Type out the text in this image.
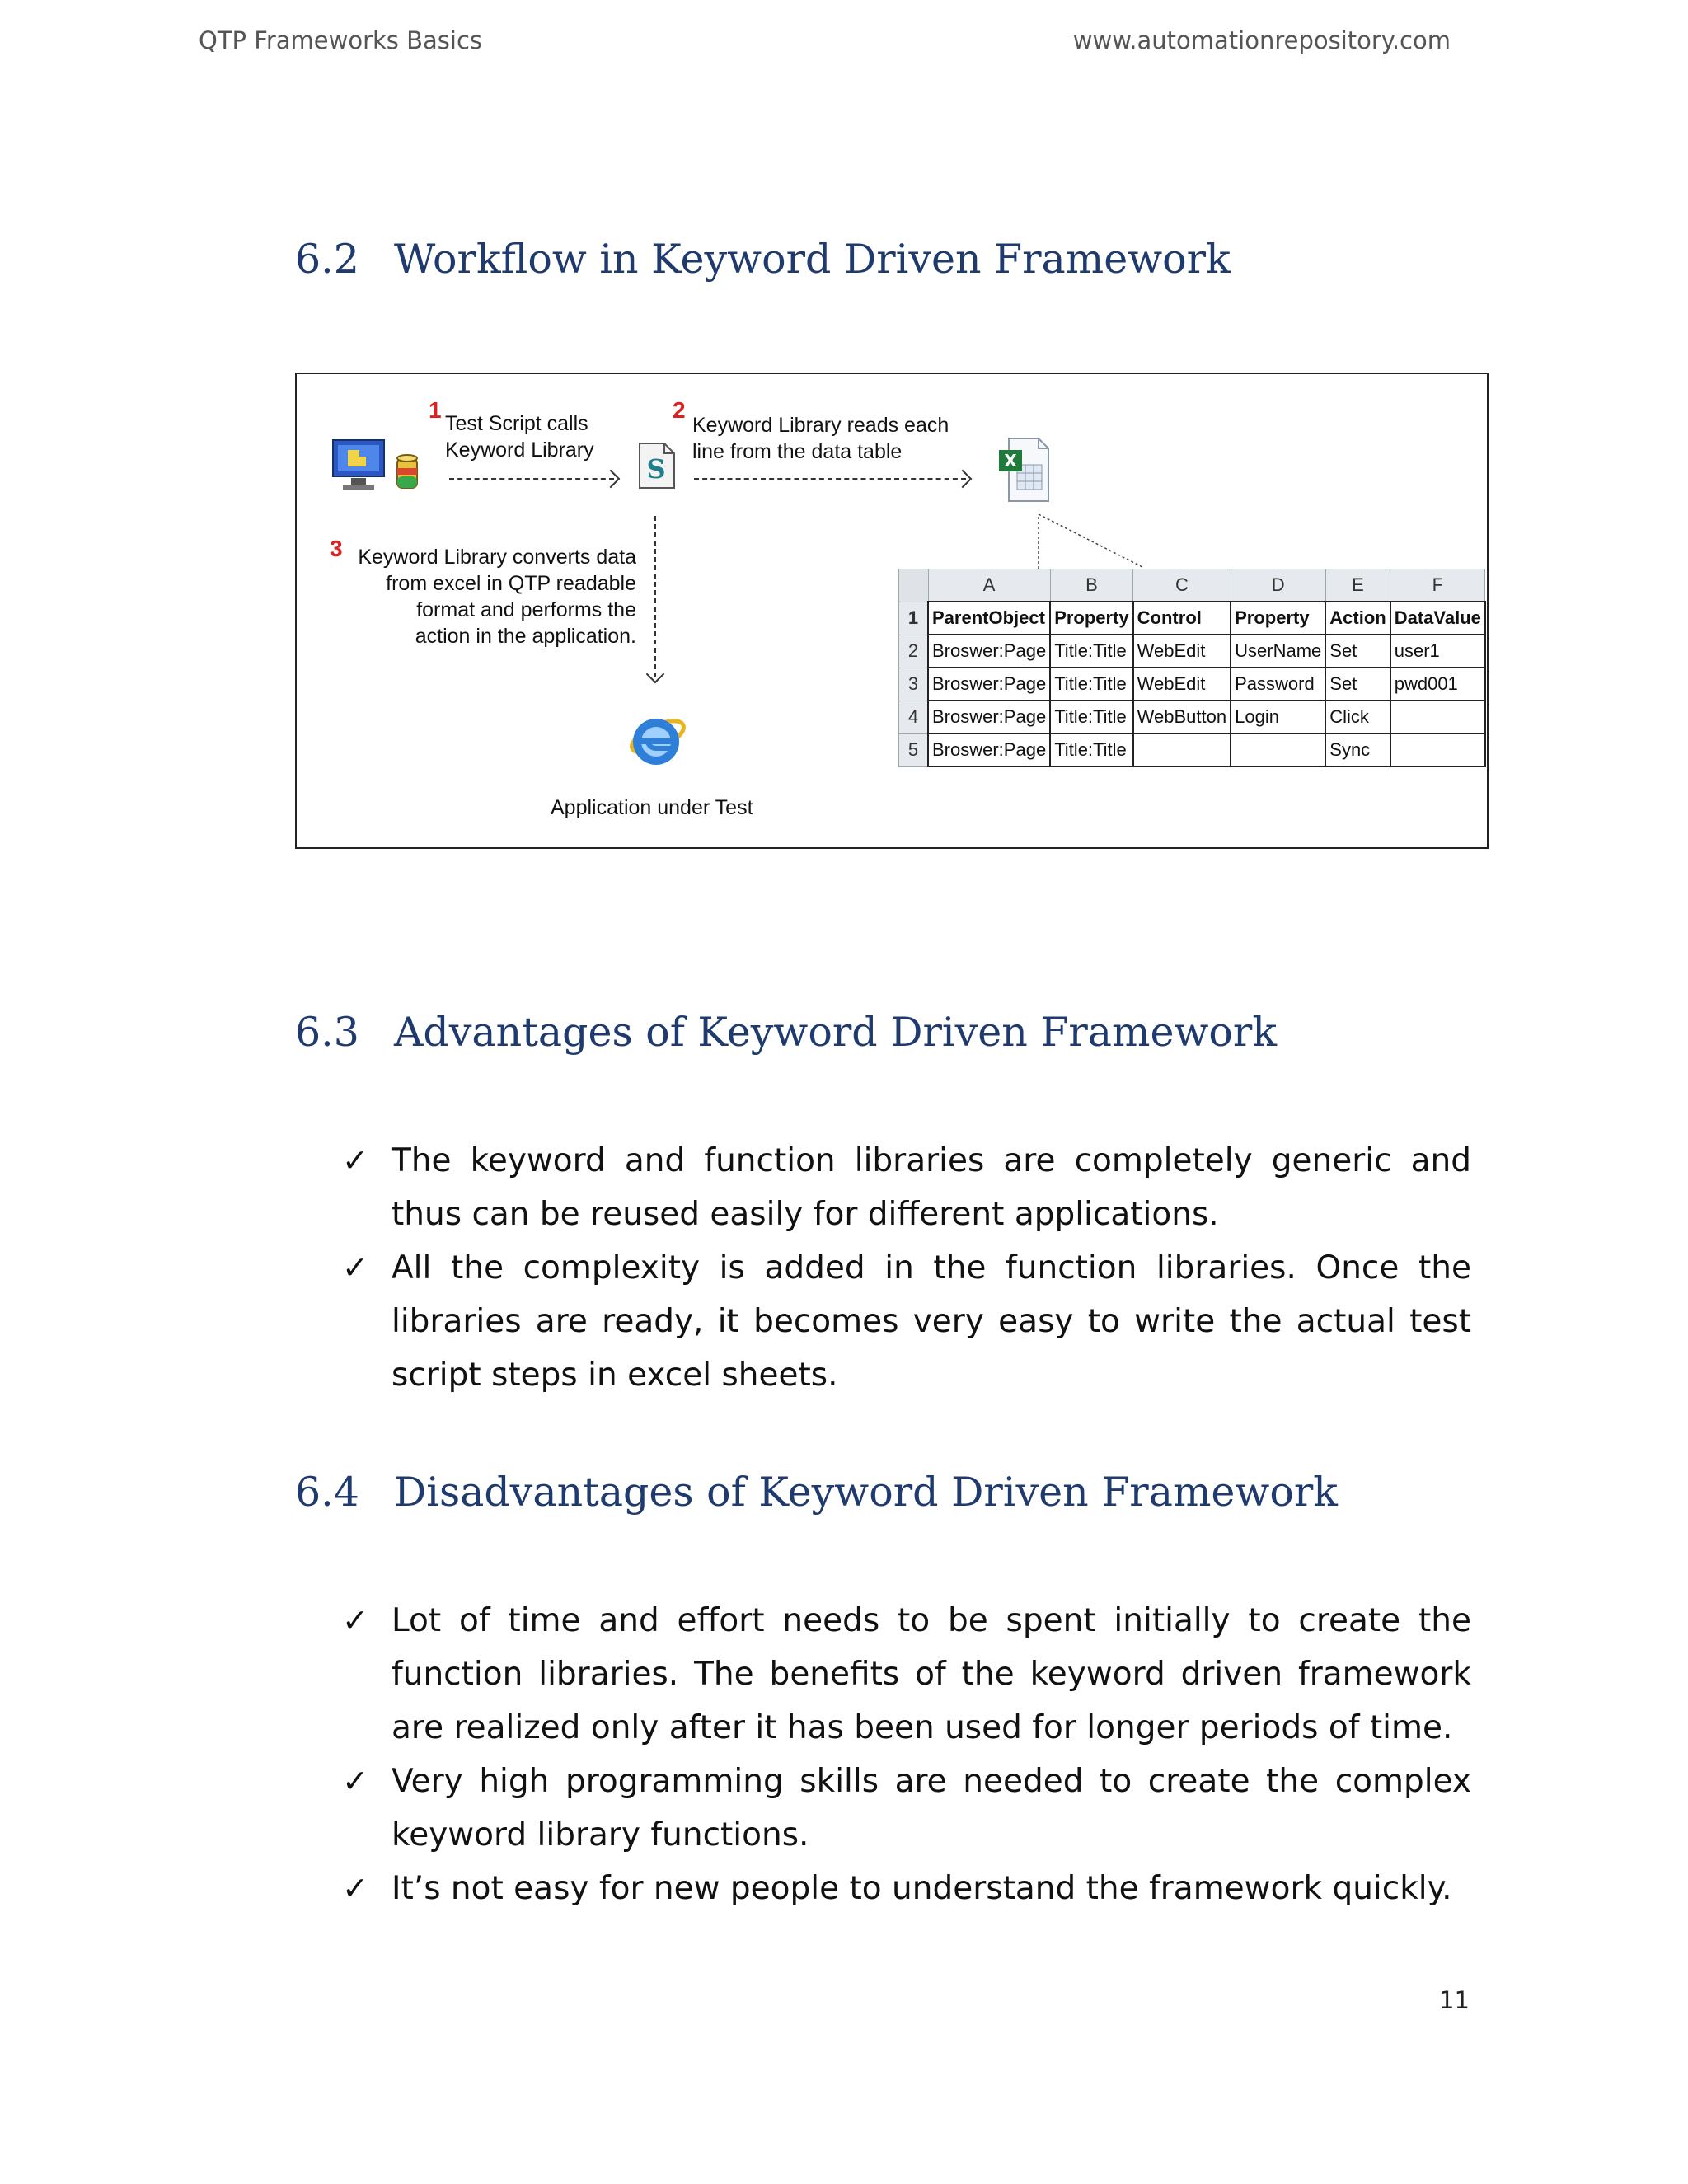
QTP Frameworks Basics	www.automationrepository.com
6.2 Workflow in Keyword Driven Framework
1
Test Script calls
Keyword Library
S
2
Keyword Library reads each
line from the data table	X
3 Keyword Library converts data
from excel in QTP readable
format and performs the
action in the application.
Application under Test
	A	B	C	D	E	F
1	ParentObject	Property	Control	Property	Action	DataValue
2	Broswer:Page	Title:Title	WebEdit	UserName	Set	user1
3	Broswer:Page	Title:Title	WebEdit	Password	Set	pwd001
4	Broswer:Page	Title:Title	WebButton	Login	Click	
5	Broswer:Page	Title:Title			Sync	
6.3 Advantages of Keyword Driven Framework
✓ The keyword and function libraries are completely generic and thus can be reused easily for different applications.
✓ All the complexity is added in the function libraries. Once the libraries are ready, it becomes very easy to write the actual test script steps in excel sheets.
6.4 Disadvantages of Keyword Driven Framework
✓ Lot of time and effort needs to be spent initially to create the function libraries. The benefits of the keyword driven framework are realized only after it has been used for longer periods of time.
✓ Very high programming skills are needed to create the complex keyword library functions.
✓ It’s not easy for new people to understand the framework quickly.
11
